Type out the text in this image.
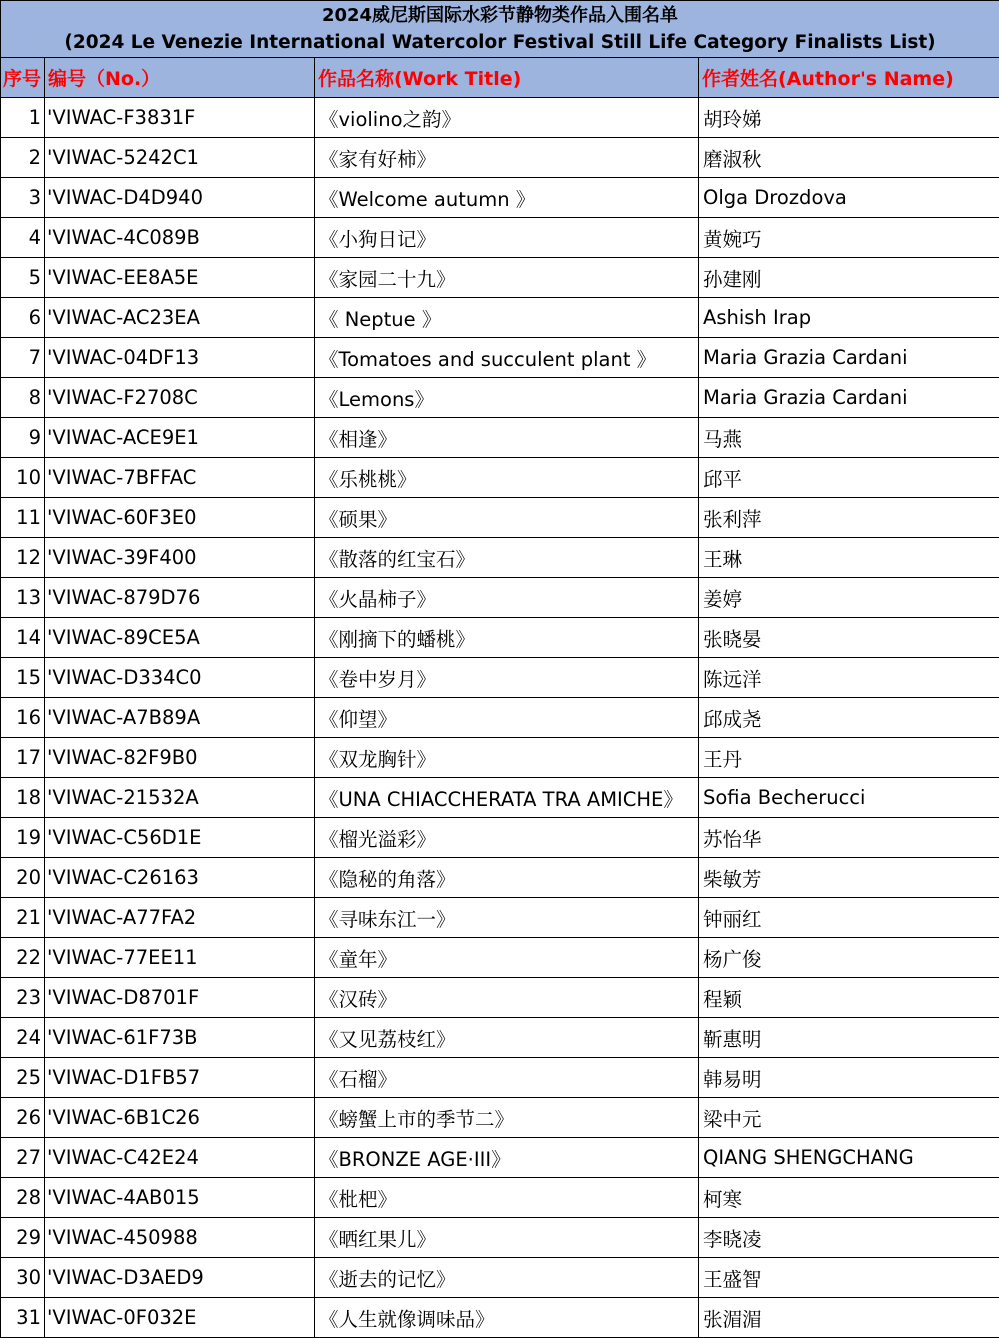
2024威尼斯国际水彩节静物类作品入围名单
(2024 Le Venezie International Watercolor Festival Still Life Category Finalists List)			

序号	编号（No.）	作品名称(Work Title)	作者姓名(Author's Name)
1	'VIWAC-F3831F	《violino之韵》	胡玲娣
2	'VIWAC-5242C1	《家有好柿》	磨淑秋
3	'VIWAC-D4D940	《Welcome autumn 》	Olga Drozdova
4	'VIWAC-4C089B	《小狗日记》	黄婉巧
5	'VIWAC-EE8A5E	《家园二十九》	孙建刚
6	'VIWAC-AC23EA	《 Neptue 》	Ashish Irap
7	'VIWAC-04DF13	《Tomatoes and succulent plant 》	Maria Grazia Cardani
8	'VIWAC-F2708C	《Lemons》	Maria Grazia Cardani
9	'VIWAC-ACE9E1	《相逢》	马燕
10	'VIWAC-7BFFAC	《乐桃桃》	邱平
11	'VIWAC-60F3E0	《硕果》	张利萍
12	'VIWAC-39F400	《散落的红宝石》	王琳
13	'VIWAC-879D76	《火晶柿子》	姜婷
14	'VIWAC-89CE5A	《刚摘下的蟠桃》	张晓晏
15	'VIWAC-D334C0	《卷中岁月》	陈远洋
16	'VIWAC-A7B89A	《仰望》	邱成尧
17	'VIWAC-82F9B0	《双龙胸针》	王丹
18	'VIWAC-21532A	《UNA CHIACCHERATA TRA AMICHE》	Sofia Becherucci
19	'VIWAC-C56D1E	《榴光溢彩》	苏怡华
20	'VIWAC-C26163	《隐秘的角落》	柴敏芳
21	'VIWAC-A77FA2	《寻味东江一》	钟丽红
22	'VIWAC-77EE11	《童年》	杨广俊
23	'VIWAC-D8701F	《汉砖》	程颖
24	'VIWAC-61F73B	《又见荔枝红》	靳惠明
25	'VIWAC-D1FB57	《石榴》	韩易明
26	'VIWAC-6B1C26	《螃蟹上市的季节二》	梁中元
27	'VIWAC-C42E24	《BRONZE AGE·III》	QIANG SHENGCHANG
28	'VIWAC-4AB015	《枇杷》	柯寒
29	'VIWAC-450988	《晒红果儿》	李晓凌
30	'VIWAC-D3AED9	《逝去的记忆》	王盛智
31	'VIWAC-0F032E	《人生就像调味品》	张湄湄
